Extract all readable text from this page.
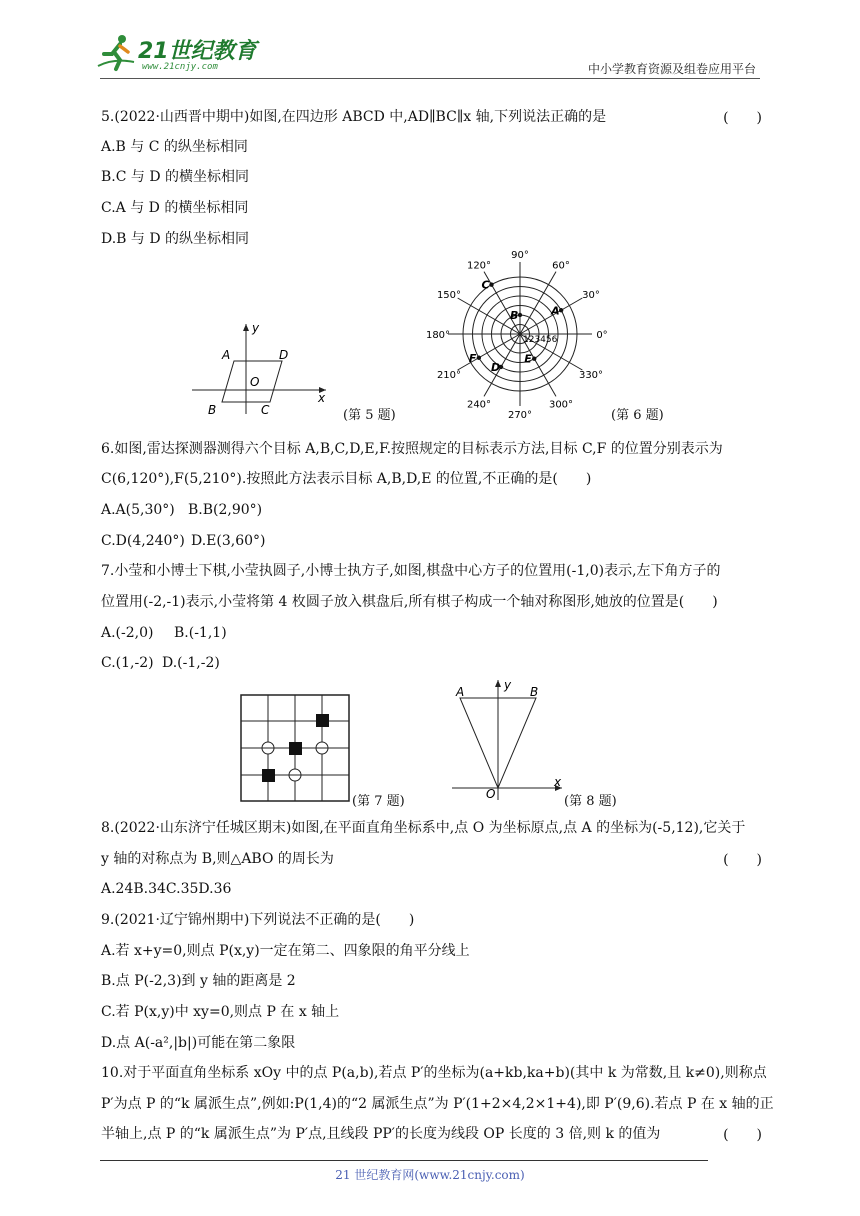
21世纪教育
www.21cnjy.com	中小学教育资源及组卷应用平台
5.(2022·山西晋中期中)如图,在四边形 ABCD 中,AD∥BC∥x 轴,下列说法正确的是	(　　)
A.B 与 C 的纵坐标相同
B.C 与 D 的横坐标相同
C.A 与 D 的横坐标相同
D.B 与 D 的纵坐标相同
A	D
B	C
O
x
y
(第 5 题)
0°
30°
60°
90°
120°
150°
180°
210°
240°
270°
300°
330°
123456
A
B
C
D
E
F
(第 6 题)
6.如图,雷达探测器测得六个目标 A,B,C,D,E,F.按照规定的目标表示方法,目标 C,F 的位置分别表示为
C(6,120°),F(5,210°).按照此方法表示目标 A,B,D,E 的位置,不正确的是(　　)
A.A(5,30°) B.B(2,90°)
C.D(4,240°) D.E(3,60°)
7.小莹和小博士下棋,小莹执圆子,小博士执方子,如图,棋盘中心方子的位置用(-1,0)表示,左下角方子的
位置用(-2,-1)表示,小莹将第 4 枚圆子放入棋盘后,所有棋子构成一个轴对称图形,她放的位置是(　　)
A.(-2,0) B.(-1,1)
C.(1,-2) D.(-1,-2)
(第 7 题)
A	B
O
x
y
(第 8 题)
8.(2022·山东济宁任城区期末)如图,在平面直角坐标系中,点 O 为坐标原点,点 A 的坐标为(-5,12),它关于
y 轴的对称点为 B,则△ABO 的周长为	(　　)
A.24B.34C.35D.36
9.(2021·辽宁锦州期中)下列说法不正确的是(　　)
A.若 x+y=0,则点 P(x,y)一定在第二、四象限的角平分线上
B.点 P(-2,3)到 y 轴的距离是 2
C.若 P(x,y)中 xy=0,则点 P 在 x 轴上
D.点 A(-a²,|b|)可能在第二象限
10.对于平面直角坐标系 xOy 中的点 P(a,b),若点 P′的坐标为(a+kb,ka+b)(其中 k 为常数,且 k≠0),则称点
P′为点 P 的“k 属派生点”,例如:P(1,4)的“2 属派生点”为 P′(1+2×4,2×1+4),即 P′(9,6).若点 P 在 x 轴的正
半轴上,点 P 的“k 属派生点”为 P′点,且线段 PP′的长度为线段 OP 长度的 3 倍,则 k 的值为	(　　)
21 世纪教育网(www.21cnjy.com)
